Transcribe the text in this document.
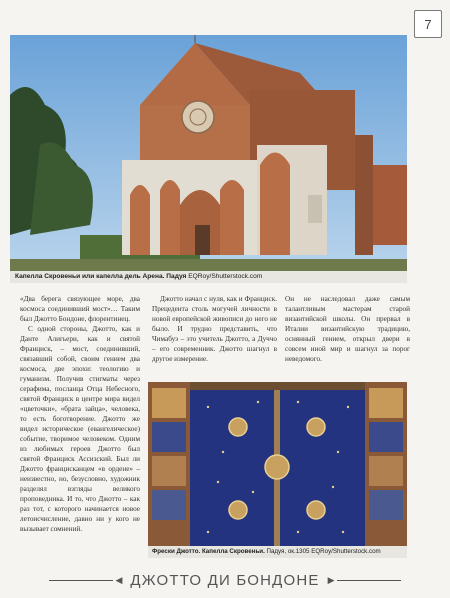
7
Капелла Скровеньи или капелла дель Арена. Падуя EQRoy/Shutterstock.com

«Два берега связующее море, два космоса соединивший мост»… Таким был Джотто Бондоне, флорентинец.

С одной стороны, Джотто, как и Данте Алигьери, как и святой Франциск, – мост, соединивший, связавший собой, своим гением два космоса, две эпохи: теологию и гуманизм. Получив стигматы через серафима, посланца Отца Небесного, святой Франциск в центре мира видел «цветочки», «брата зайца», человека, то есть боготворение. Джотто же видел историческое (евангелическое) событие, творимое человеком. Одним из любимых героев Джотто был святой Франциск Ассизский. Был ли Джотто францисканцем «в ордене» – неизвестно, но, безусловно, художник разделял взгляды великого проповедника. И то, что Джотто – как раз тот, с которого начинается новое летоисчисление, давно ни у кого не вызывает сомнений.

Джотто начал с нуля, как и Франциск. Прецедента столь могучей личности в новой европейской живописи до него не было. И трудно представить, что Чимабуэ – это учитель Джотто, а Дуччо – его современник. Джотто шагнул в другое измерение.

Он не наследовал даже самым талантливым мастерам старой византийской школы. Он прервал в Италии византийскую традицию, осиянный гением, открыл двери в совсем иной мир и шагнул за порог неведомого.

Фрески Джотто. Капелла Скровеньи. Падуя, ок.1305 EQRoy/Shutterstock.com
◀ ДЖОТТО ДИ БОНДОНЕ ▶
